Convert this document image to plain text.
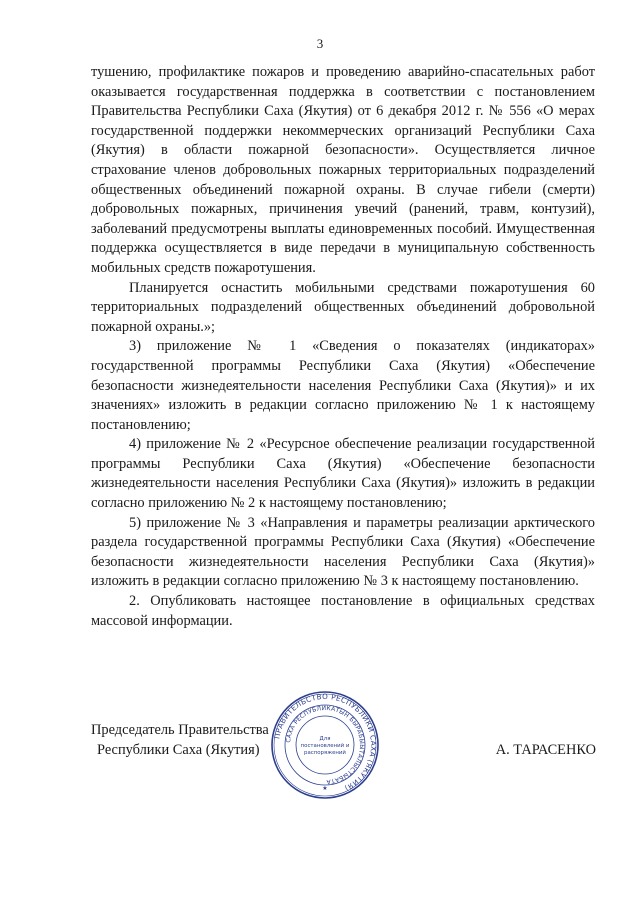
3

тушению, профилактике пожаров и проведению аварийно-спасательных работ оказывается государственная поддержка в соответствии с постановлением Правительства Республики Саха (Якутия) от 6 декабря 2012 г. № 556 «О мерах государственной поддержки некоммерческих организаций Республики Саха (Якутия) в области пожарной безопасности». Осуществляется личное страхование членов добровольных пожарных территориальных подразделений общественных объединений пожарной охраны. В случае гибели (смерти) добровольных пожарных, причинения увечий (ранений, травм, контузий), заболеваний предусмотрены выплаты единовременных пособий. Имущественная поддержка осуществляется в виде передачи в муниципальную собственность мобильных средств пожаротушения.

Планируется оснастить мобильными средствами пожаротушения 60 территориальных подразделений общественных объединений добровольной пожарной охраны.»;

3) приложение № 1 «Сведения о показателях (индикаторах» государственной программы Республики Саха (Якутия) «Обеспечение безопасности жизнедеятельности населения Республики Саха (Якутия)» и их значениях» изложить в редакции согласно приложению № 1 к настоящему постановлению;

4) приложение № 2 «Ресурсное обеспечение реализации государственной программы Республики Саха (Якутия) «Обеспечение безопасности жизнедеятельности населения Республики Саха (Якутия)» изложить в редакции согласно приложению № 2 к настоящему постановлению;

5) приложение № 3 «Направления и параметры реализации арктического раздела государственной программы Республики Саха (Якутия) «Обеспечение безопасности жизнедеятельности населения Республики Саха (Якутия)» изложить в редакции согласно приложению № 3 к настоящему постановлению.

2. Опубликовать настоящее постановление в официальных средствах массовой информации.

Председатель Правительства
Республики Саха (Якутия)	А. ТАРАСЕНКО
ПРАВИТЕЛЬСТВО РЕСПУБЛИКИ САХА (ЯКУТИЯ)
САХА РЕСПУБЛИКАТЫН БЫРАБЫЫТАЛЫСТЫБАТА
Для
постановлений и
распоряжений
★
